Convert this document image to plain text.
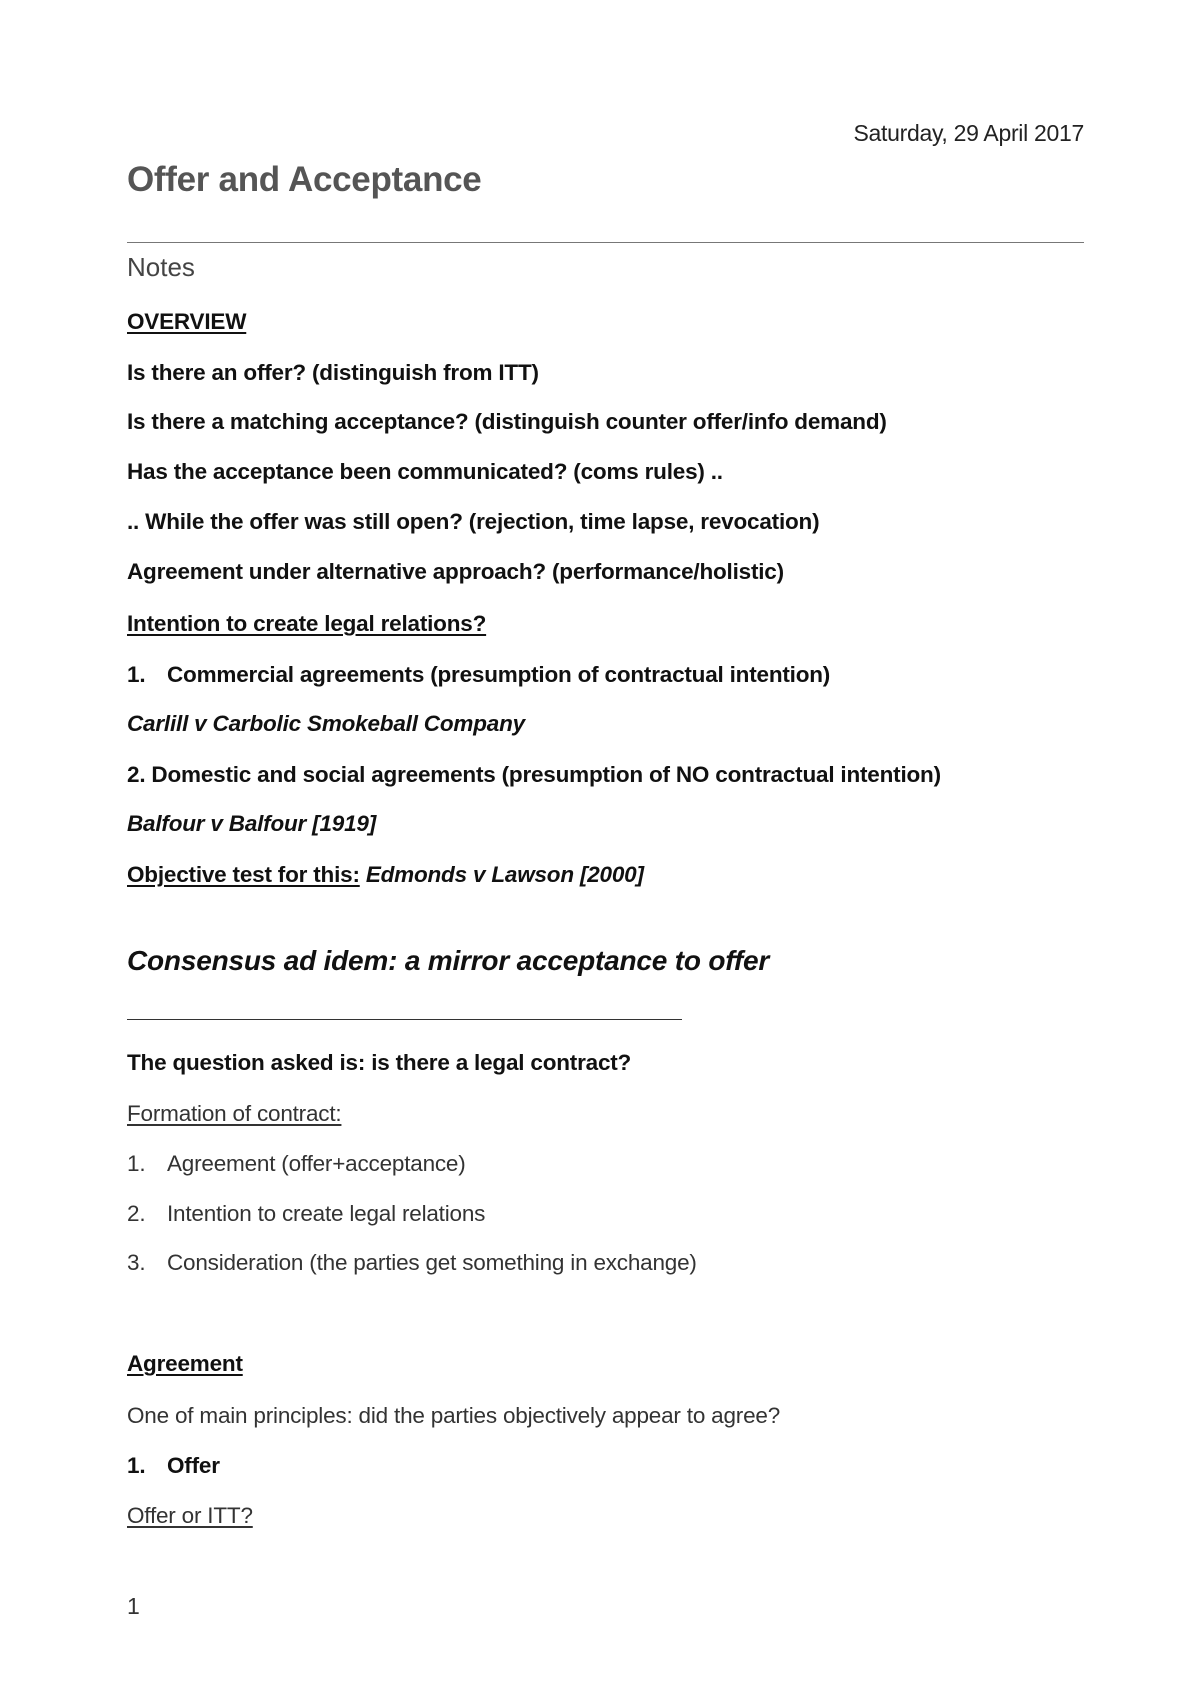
Saturday, 29 April 2017
Offer and Acceptance
Notes
OVERVIEW
Is there an offer? (distinguish from ITT)
Is there a matching acceptance? (distinguish counter offer/info demand)
Has the acceptance been communicated? (coms rules) ..
.. While the offer was still open? (rejection, time lapse, revocation)
Agreement under alternative approach? (performance/holistic)
Intention to create legal relations?
1. Commercial agreements (presumption of contractual intention)
Carlill v Carbolic Smokeball Company
2. Domestic and social agreements (presumption of NO contractual intention)
Balfour v Balfour [1919]
Objective test for this: Edmonds v Lawson [2000]
Consensus ad idem: a mirror acceptance to offer
The question asked is: is there a legal contract?
Formation of contract:
1. Agreement (offer+acceptance)
2. Intention to create legal relations
3. Consideration (the parties get something in exchange)
Agreement
One of main principles: did the parties objectively appear to agree?
1. Offer
Offer or ITT?
1
